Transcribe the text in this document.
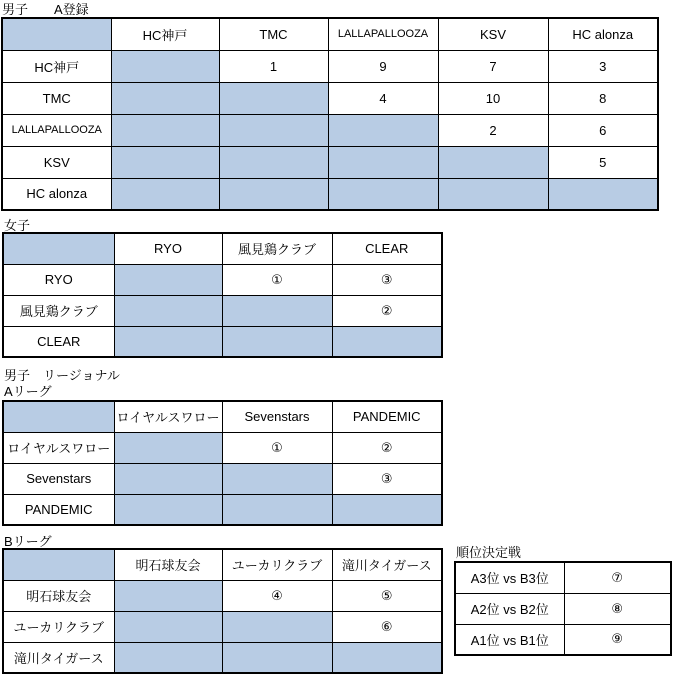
男子　　A登録
	HC神戸	TMC	LALLAPALLOOZA	KSV	HC alonza
HC神戸		1	9	7	3
TMC			4	10	8
LALLAPALLOOZA				2	6
KSV					5
HC alonza					
女子
	RYO	風見鶏クラブ	CLEAR
RYO		①	③
風見鶏クラブ			②
CLEAR			
男子　リージョナル
Aリーグ
	ロイヤルスワロー	Sevenstars	PANDEMIC
ロイヤルスワロー		①	②
Sevenstars			③
PANDEMIC			
Bリーグ
	明石球友会	ユーカリクラブ	滝川タイガース
明石球友会		④	⑤
ユーカリクラブ			⑥
滝川タイガース			
順位決定戦
A3位 vs B3位	⑦
A2位 vs B2位	⑧
A1位 vs B1位	⑨
